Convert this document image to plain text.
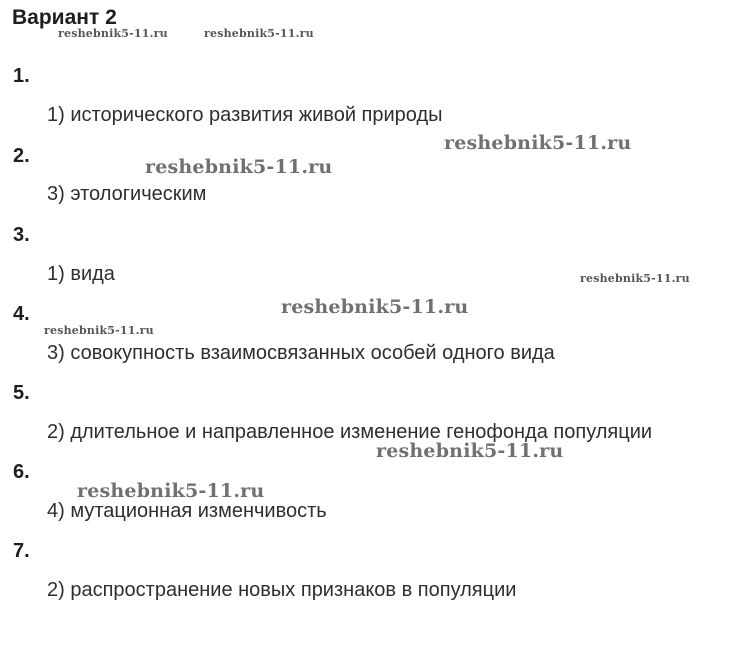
Вариант 2
1.
1) исторического развития живой природы
2.
3) этологическим
3.
1) вида
4.
3) совокупность взаимосвязанных особей одного вида
5.
2) длительное и направленное изменение генофонда популяции
6.
4) мутационная изменчивость
7.
2) распространение новых признаков в популяции
reshebnik5-11.ru	reshebnik5-11.ru
reshebnik5-11.ru
reshebnik5-11.ru
reshebnik5-11.ru
reshebnik5-11.ru
reshebnik5-11.ru
reshebnik5-11.ru
reshebnik5-11.ru
